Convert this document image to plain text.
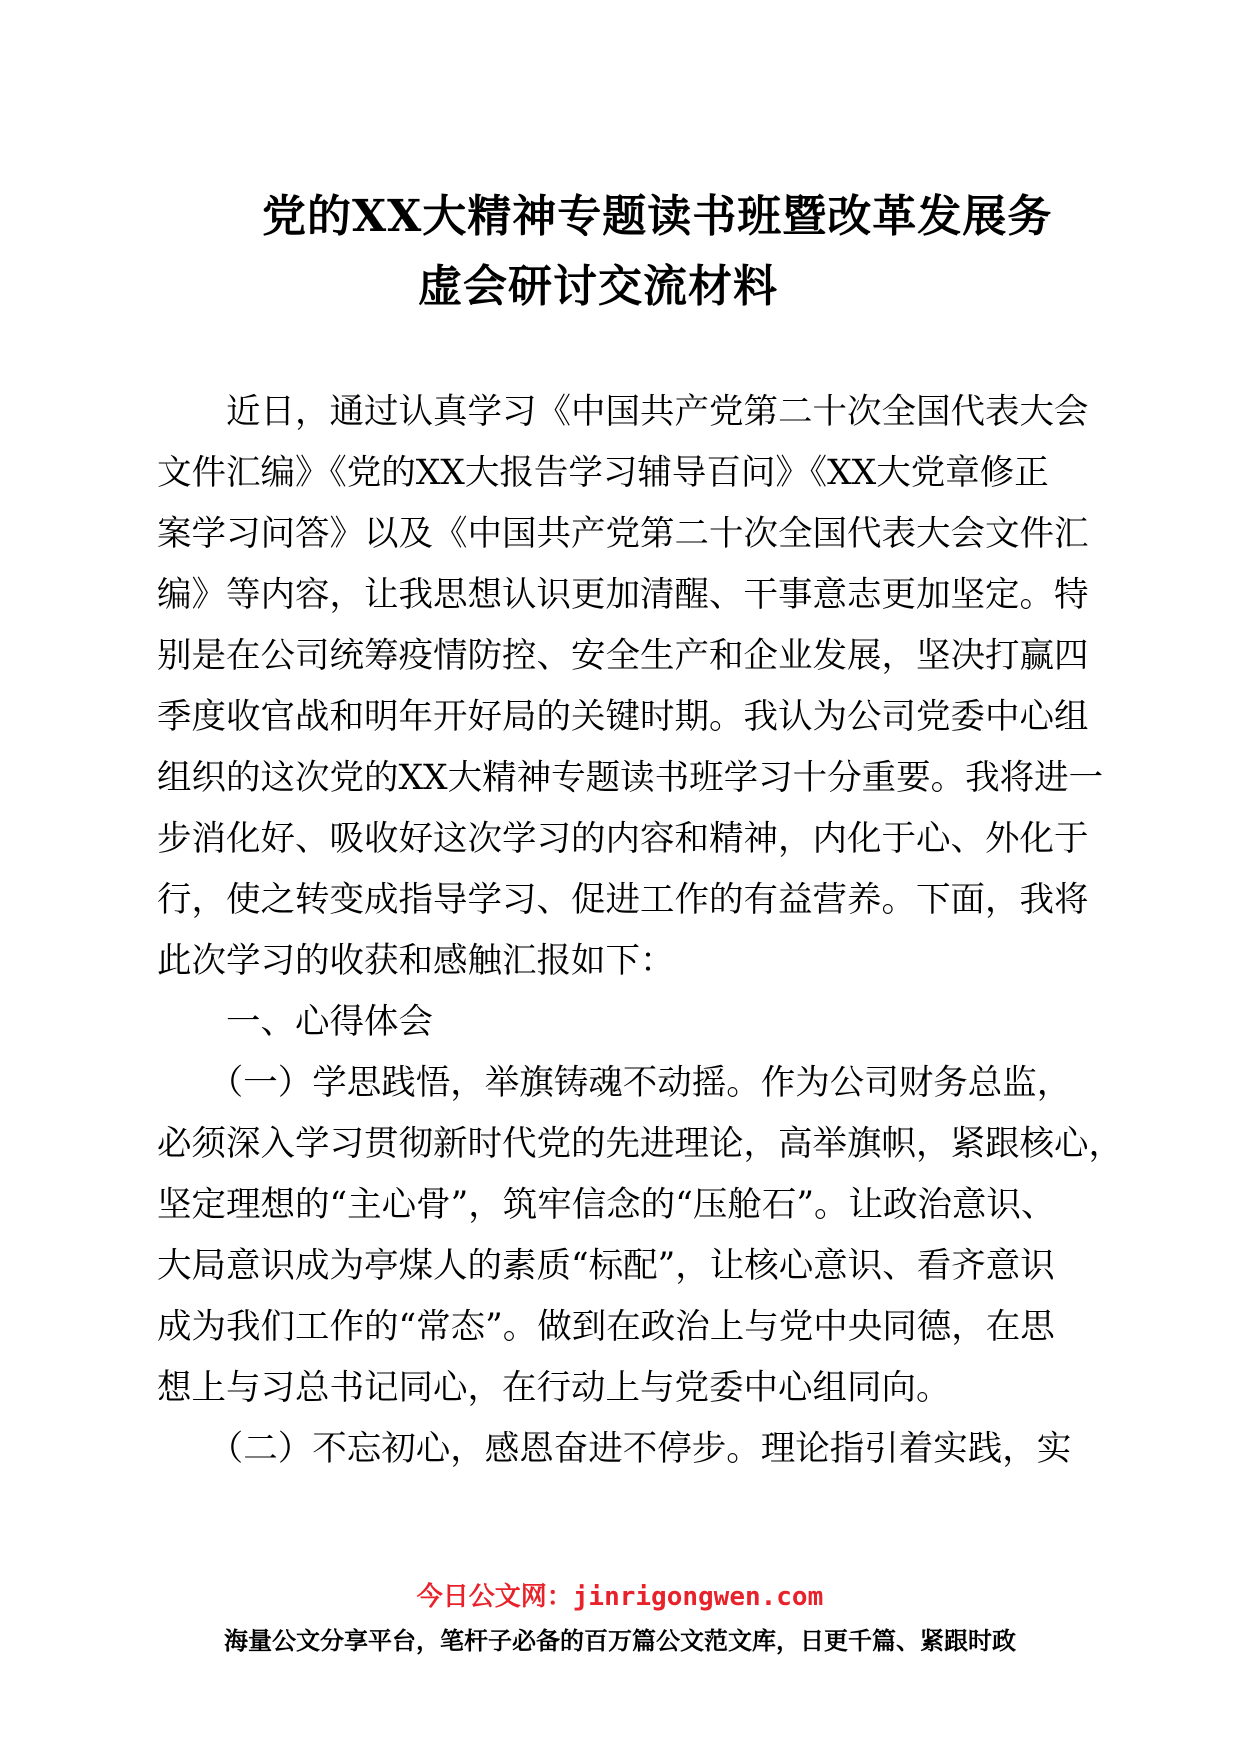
党的XX大精神专题读书班暨改革发展务
虚会研讨交流材料
　　近日，通过认真学习《中国共产党第二十次全国代表大会
文件汇编》《党的XX大报告学习辅导百问》《XX大党章修正
案学习问答》以及《中国共产党第二十次全国代表大会文件汇
编》等内容，让我思想认识更加清醒、干事意志更加坚定。特
别是在公司统筹疫情防控、安全生产和企业发展，坚决打赢四
季度收官战和明年开好局的关键时期。我认为公司党委中心组
组织的这次党的XX大精神专题读书班学习十分重要。我将进一
步消化好、吸收好这次学习的内容和精神，内化于心、外化于
行，使之转变成指导学习、促进工作的有益营养。下面，我将
此次学习的收获和感触汇报如下：
　　一、心得体会
　　（一）学思践悟，举旗铸魂不动摇。作为公司财务总监，
必须深入学习贯彻新时代党的先进理论，高举旗帜，紧跟核心，
坚定理想的“主心骨”，筑牢信念的“压舱石”。让政治意识、
大局意识成为亭煤人的素质“标配”，让核心意识、看齐意识
成为我们工作的“常态”。做到在政治上与党中央同德，在思
想上与习总书记同心，在行动上与党委中心组同向。
　　（二）不忘初心，感恩奋进不停步。理论指引着实践，实
今日公文网：jinrigongwen.com
海量公文分享平台，笔杆子必备的百万篇公文范文库，日更千篇、紧跟时政
